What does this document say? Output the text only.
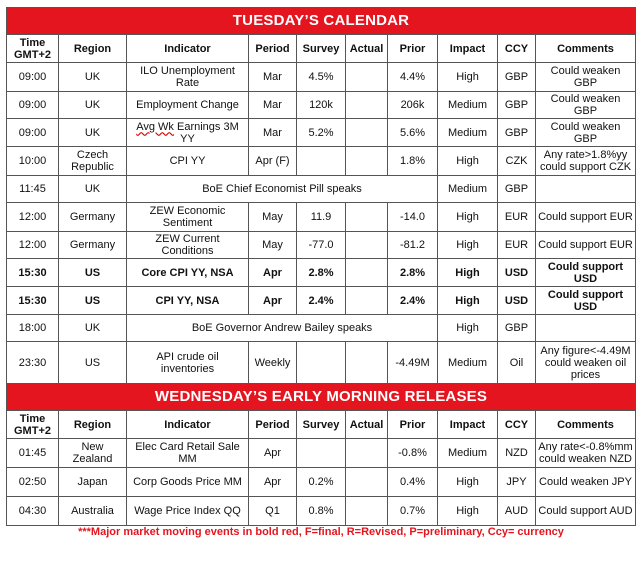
TUESDAY’S CALENDAR									
Time GMT+2	Region	Indicator	Period	Survey	Actual	Prior	Impact	CCY	Comments
09:00	UK	ILO Unemployment Rate	Mar	4.5%		4.4%	High	GBP	Could weaken GBP
09:00	UK	Employment Change	Mar	120k		206k	Medium	GBP	Could weaken GBP
09:00	UK	Avg Wk Earnings 3M YY	Mar	5.2%		5.6%	Medium	GBP	Could weaken GBP
10:00	Czech Republic	CPI YY	Apr (F)			1.8%	High	CZK	Any rate>1.8%yy could support CZK
11:45	UK	BoE Chief Economist Pill speaks					Medium	GBP	
12:00	Germany	ZEW Economic Sentiment	May	11.9		-14.0	High	EUR	Could support EUR
12:00	Germany	ZEW Current Conditions	May	-77.0		-81.2	High	EUR	Could support EUR
15:30	US	Core CPI YY, NSA	Apr	2.8%		2.8%	High	USD	Could support USD
15:30	US	CPI YY, NSA	Apr	2.4%		2.4%	High	USD	Could support USD
18:00	UK	BoE Governor Andrew Bailey speaks					High	GBP	
23:30	US	API crude oil inventories	Weekly			-4.49M	Medium	Oil	Any figure<-4.49M could weaken oil prices
WEDNESDAY’S EARLY MORNING RELEASES									
Time GMT+2	Region	Indicator	Period	Survey	Actual	Prior	Impact	CCY	Comments
01:45	New Zealand	Elec Card Retail Sale MM	Apr			-0.8%	Medium	NZD	Any rate<-0.8%mm could weaken NZD
02:50	Japan	Corp Goods Price MM	Apr	0.2%		0.4%	High	JPY	Could weaken JPY
04:30	Australia	Wage Price Index QQ	Q1	0.8%		0.7%	High	AUD	Could support AUD
***Major market moving events in bold red, F=final, R=Revised, P=preliminary, Ccy= currency
